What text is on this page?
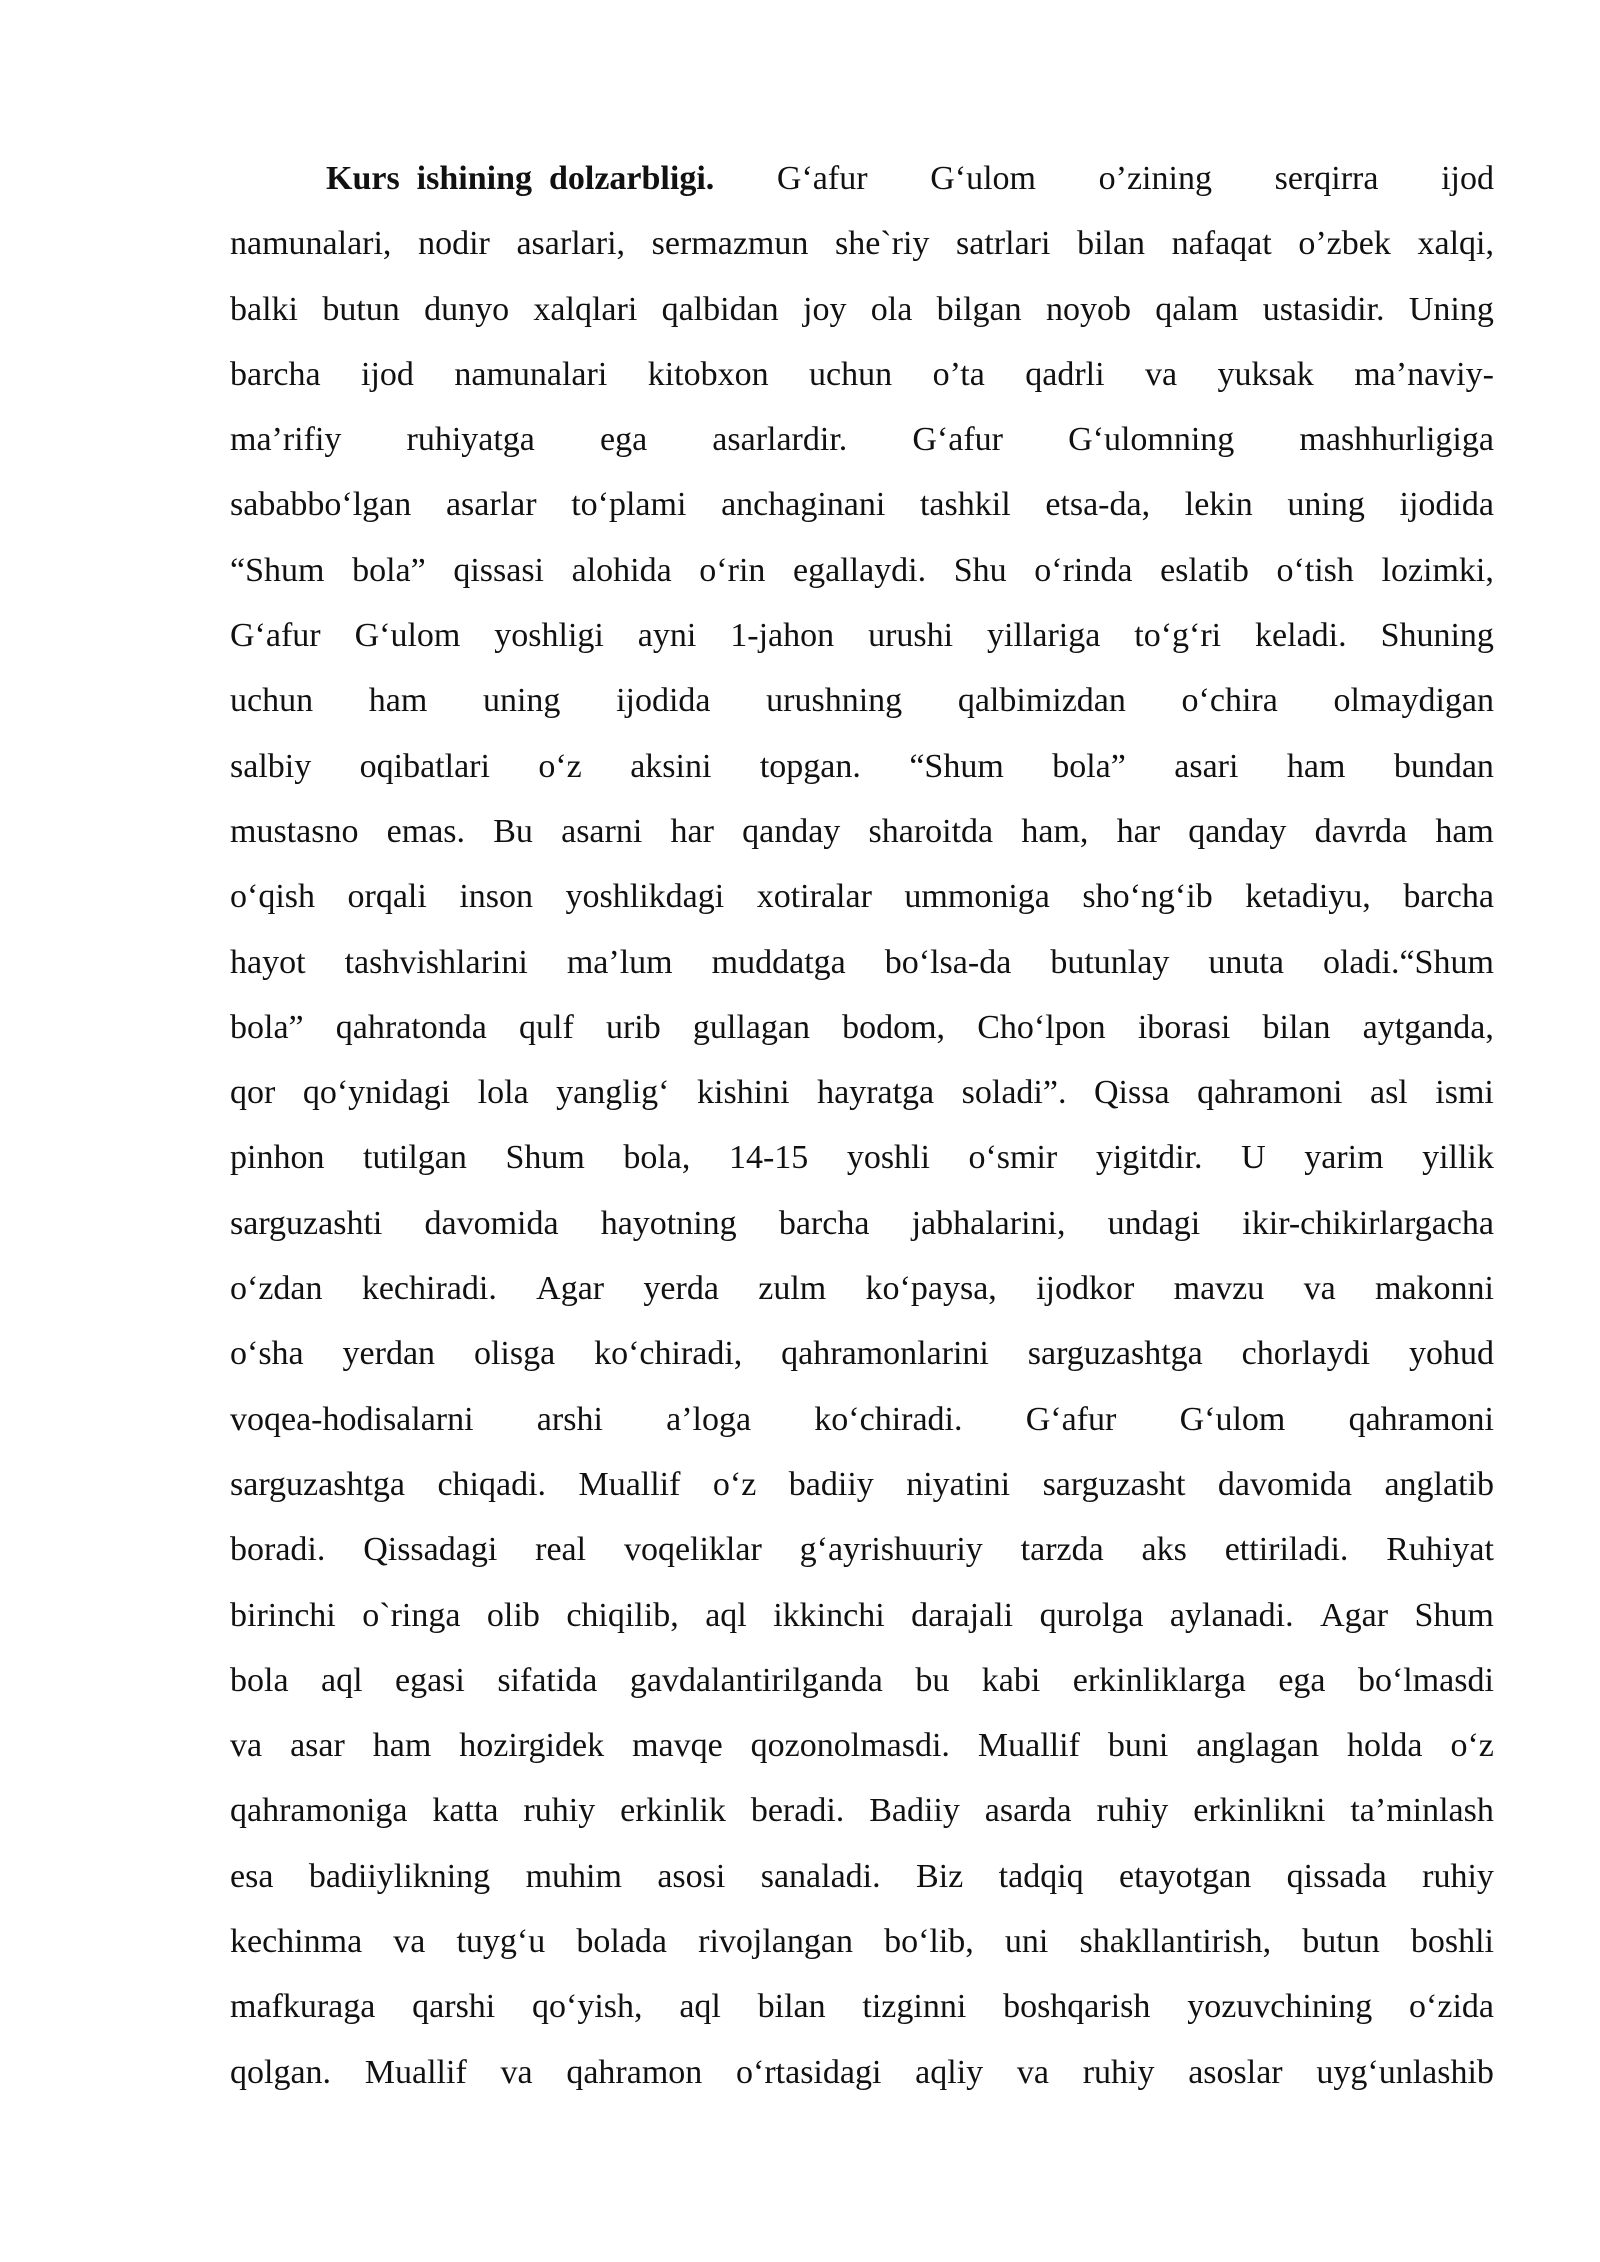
Kurs  ishining  dolzarbligi. G‘afur G‘ulom o’zining serqirra ijod
namunalari, nodir asarlari, sermazmun she`riy satrlari bilan nafaqat o’zbek xalqi,
balki butun dunyo xalqlari qalbidan joy ola bilgan noyob qalam ustasidir. Uning
barcha ijod namunalari kitobxon uchun o’ta qadrli va yuksak ma’naviy-
ma’rifiy ruhiyatga ega asarlardir. G‘afur G‘ulomning mashhurligiga
sababbo‘lgan asarlar to‘plami anchaginani tashkil etsa-da, lekin uning ijodida
“Shum bola” qissasi alohida o‘rin egallaydi. Shu o‘rinda eslatib o‘tish lozimki,
G‘afur G‘ulom yoshligi ayni 1-jahon urushi yillariga to‘g‘ri keladi. Shuning
uchun ham uning ijodida urushning qalbimizdan o‘chira olmaydigan
salbiy oqibatlari o‘z aksini topgan. “Shum bola” asari ham bundan
mustasno emas. Bu asarni har qanday sharoitda ham, har qanday davrda ham
o‘qish orqali inson yoshlikdagi xotiralar ummoniga sho‘ng‘ib ketadiyu, barcha
hayot tashvishlarini ma’lum muddatga bo‘lsa-da butunlay unuta oladi.“Shum
bola” qahratonda qulf urib gullagan bodom, Cho‘lpon iborasi bilan aytganda,
qor qo‘ynidagi lola yanglig‘ kishini hayratga soladi”. Qissa qahramoni asl ismi
pinhon tutilgan Shum bola, 14-15 yoshli o‘smir yigitdir. U yarim yillik
sarguzashti davomida hayotning barcha jabhalarini, undagi ikir-chikirlargacha
o‘zdan kechiradi. Agar yerda zulm ko‘paysa, ijodkor mavzu va makonni
o‘sha yerdan olisga ko‘chiradi, qahramonlarini sarguzashtga chorlaydi yohud
voqea-hodisalarni arshi a’loga ko‘chiradi. G‘afur G‘ulom qahramoni
sarguzashtga chiqadi. Muallif o‘z badiiy niyatini sarguzasht davomida anglatib
boradi. Qissadagi real voqeliklar g‘ayrishuuriy tarzda aks ettiriladi. Ruhiyat
birinchi o`ringa olib chiqilib, aql ikkinchi darajali qurolga aylanadi. Agar Shum
bola aql egasi sifatida gavdalantirilganda bu kabi erkinliklarga ega bo‘lmasdi
va asar ham hozirgidek mavqe qozonolmasdi. Muallif buni anglagan holda o‘z
qahramoniga katta ruhiy erkinlik beradi. Badiiy asarda ruhiy erkinlikni ta’minlash
esa badiiylikning muhim asosi sanaladi. Biz tadqiq etayotgan qissada ruhiy
kechinma va tuyg‘u bolada rivojlangan bo‘lib, uni shakllantirish, butun boshli
mafkuraga qarshi qo‘yish, aql bilan tizginni boshqarish yozuvchining o‘zida
qolgan. Muallif va qahramon o‘rtasidagi aqliy va ruhiy asoslar uyg‘unlashib
